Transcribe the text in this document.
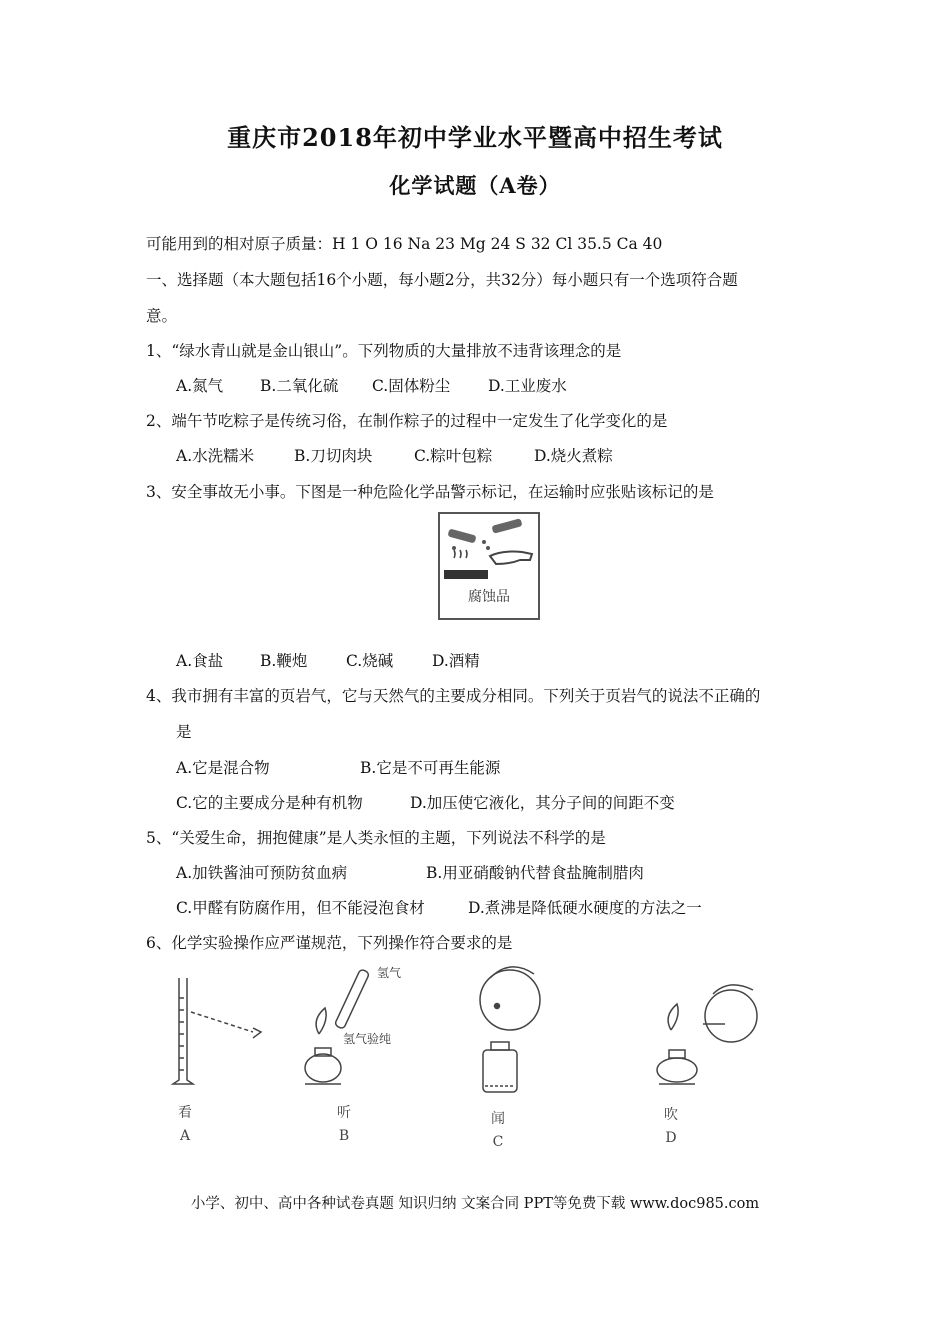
重庆市2018年初中学业水平暨高中招生考试
化学试题（A卷）
可能用到的相对原子质量：H 1 O 16 Na 23 Mg 24 S 32 Cl 35.5 Ca 40
一、选择题（本大题包括16个小题，每小题2分，共32分）每小题只有一个选项符合题
意。
1、“绿水青山就是金山银山”。下列物质的大量排放不违背该理念的是
A.氮气 B.二氧化硫 C.固体粉尘 D.工业废水
2、端午节吃粽子是传统习俗，在制作粽子的过程中一定发生了化学变化的是
A.水洗糯米	B.刀切肉块	C.粽叶包粽	D.烧火煮粽
3、安全事故无小事。下图是一种危险化学品警示标记，在运输时应张贴该标记的是
腐蚀品
A.食盐 B.鞭炮 C.烧碱	D.酒精
4、我市拥有丰富的页岩气，它与天然气的主要成分相同。下列关于页岩气的说法不正确的
是
A.它是混合物	B.它是不可再生能源
C.它的主要成分是种有机物	D.加压使它液化，其分子间的间距不变
5、“关爱生命，拥抱健康”是人类永恒的主题，下列说法不科学的是
A.加铁酱油可预防贫血病	B.用亚硝酸钠代替食盐腌制腊肉
C.甲醛有防腐作用，但不能浸泡食材	D.煮沸是降低硬水硬度的方法之一
6、化学实验操作应严谨规范，下列操作符合要求的是
氢气
氢气验纯
看
A
听
B
闻
C
吹
D
小学、初中、高中各种试卷真题 知识归纳 文案合同 PPT等免费下载 www.doc985.com
